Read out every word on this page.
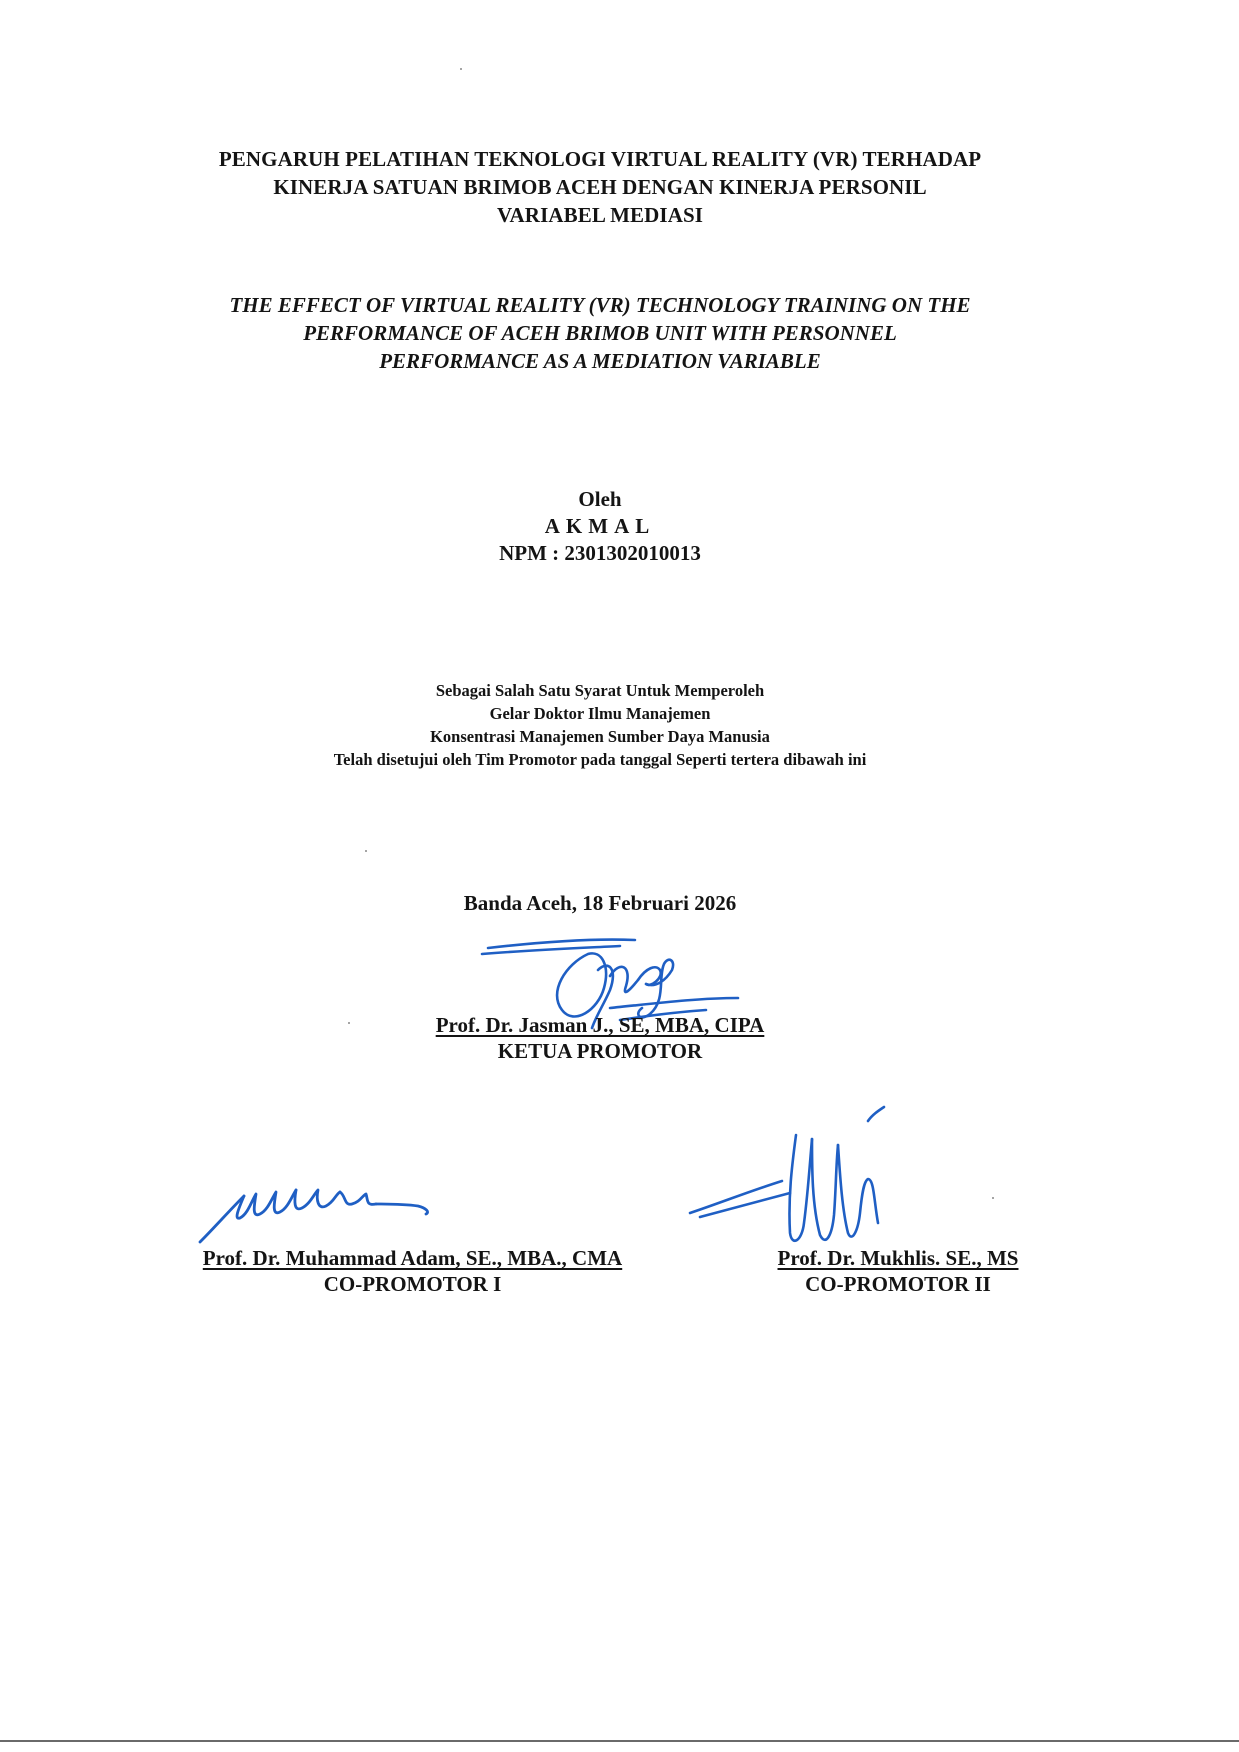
PENGARUH PELATIHAN TEKNOLOGI VIRTUAL REALITY (VR) TERHADAP
KINERJA SATUAN BRIMOB ACEH DENGAN KINERJA PERSONIL
VARIABEL MEDIASI
THE EFFECT OF VIRTUAL REALITY (VR) TECHNOLOGY TRAINING ON THE
PERFORMANCE OF ACEH BRIMOB UNIT WITH PERSONNEL
PERFORMANCE AS A MEDIATION VARIABLE
Oleh
AKMAL
NPM : 2301302010013
Sebagai Salah Satu Syarat Untuk Memperoleh
Gelar Doktor Ilmu Manajemen
Konsentrasi Manajemen Sumber Daya Manusia
Telah disetujui oleh Tim Promotor pada tanggal Seperti tertera dibawah ini
Banda Aceh, 18 Februari 2026
Prof. Dr. Jasman J., SE, MBA, CIPA
KETUA PROMOTOR
Prof. Dr. Muhammad Adam, SE., MBA., CMA
CO-PROMOTOR I
Prof. Dr. Mukhlis. SE., MS
CO-PROMOTOR II
